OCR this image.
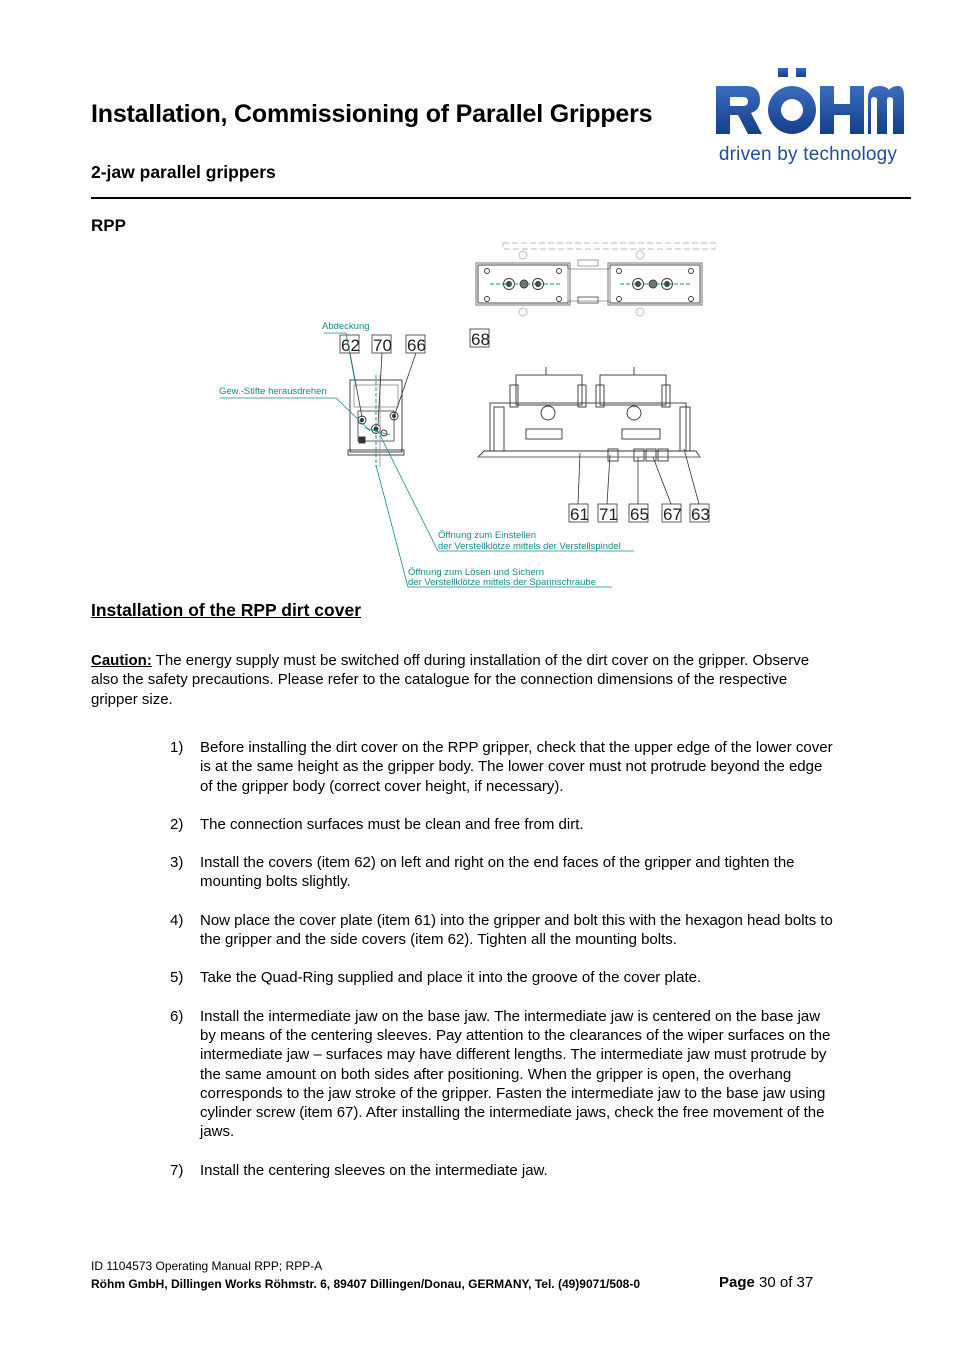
Installation, Commissioning of Parallel Grippers
2-jaw parallel grippers
driven by technology
RPP
62 70 66	68
61 71 65 67 63
Abdeckung
Gew.-Stifte herausdrehen
Öffnung zum Einstellen
der Verstellklötze mittels der Verstellspindel
Öffnung zum Lösen und Sichern
der Verstellklötze mittels der Spannschraube
Installation of the RPP dirt cover
Caution: The energy supply must be switched off during installation of the dirt cover on the gripper. Observe also the safety precautions. Please refer to the catalogue for the connection dimensions of the respective gripper size.
1) Before installing the dirt cover on the RPP gripper, check that the upper edge of the lower cover is at the same height as the gripper body. The lower cover must not protrude beyond the edge of the gripper body (correct cover height, if necessary).
2) The connection surfaces must be clean and free from dirt.
3) Install the covers (item 62) on left and right on the end faces of the gripper and tighten the mounting bolts slightly.
4) Now place the cover plate (item 61) into the gripper and bolt this with the hexagon head bolts to the gripper and the side covers (item 62). Tighten all the mounting bolts.
5) Take the Quad-Ring supplied and place it into the groove of the cover plate.
6) Install the intermediate jaw on the base jaw. The intermediate jaw is centered on the base jaw by means of the centering sleeves. Pay attention to the clearances of the wiper surfaces on the intermediate jaw – surfaces may have different lengths. The intermediate jaw must protrude by the same amount on both sides after positioning. When the gripper is open, the overhang corresponds to the jaw stroke of the gripper. Fasten the intermediate jaw to the base jaw using cylinder screw (item 67). After installing the intermediate jaws, check the free movement of the jaws.
7) Install the centering sleeves on the intermediate jaw.
ID 1104573 Operating Manual RPP; RPP-A
Röhm GmbH, Dillingen Works Röhmstr. 6, 89407 Dillingen/Donau, GERMANY, Tel. (49)9071/508-0	Page 30 of 37
